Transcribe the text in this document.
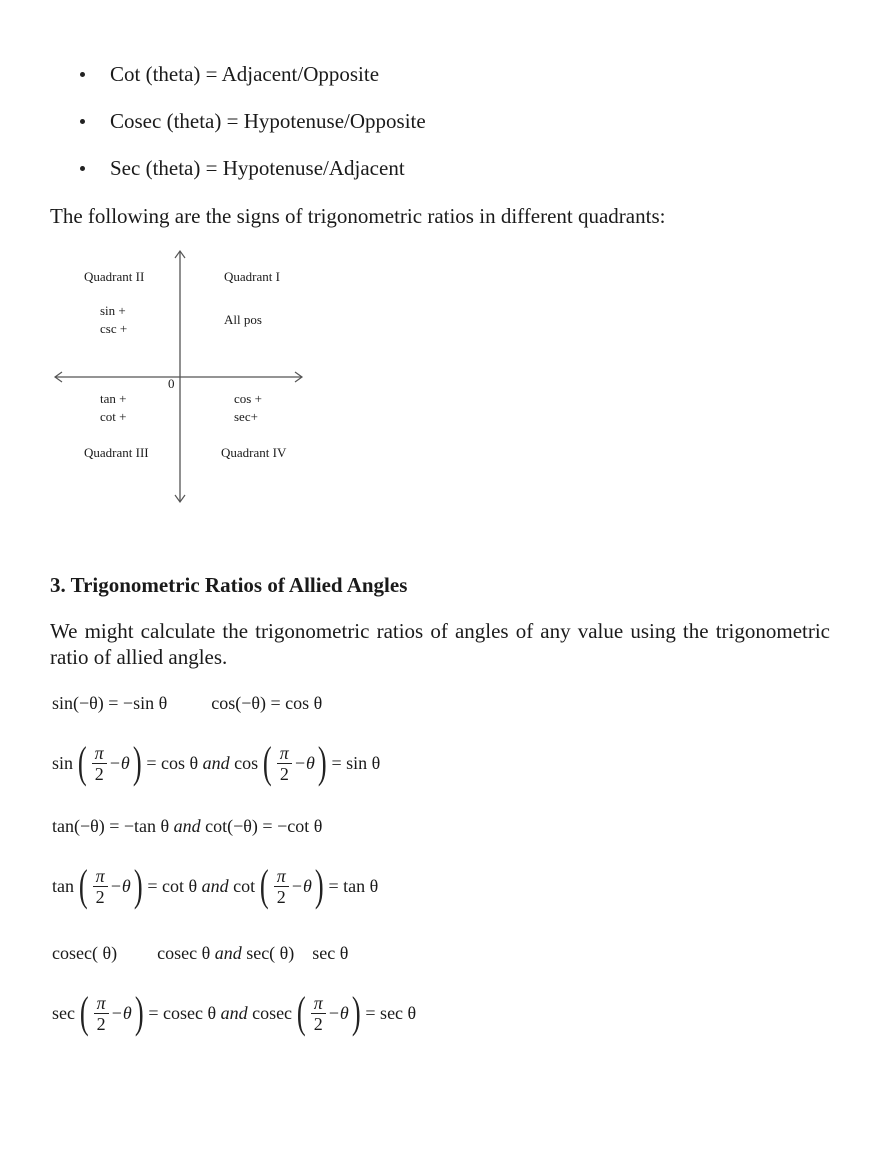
Cot (theta) = Adjacent/Opposite
Cosec (theta) = Hypotenuse/Opposite
Sec (theta) = Hypotenuse/Adjacent

The following are the signs of trigonometric ratios in different quadrants:

Quadrant II
sin +
csc +
Quadrant I
All pos
0
tan +
cot +
Quadrant III
cos +
sec+
Quadrant IV
3. Trigonometric Ratios of Allied Angles

We might calculate the trigonometric ratios of angles of any value using the trigonometric ratio of allied angles.

sin(−θ) = −sin θ cos(−θ) = cos θ
sin ( $\frac{\pi}{2} -\theta$ ) = cos θ
and
cos ( $\frac{\pi}{2} -\theta$ ) = sin θ
tan(−θ) = −tan θ
and
cot(−θ) = −cot θ
tan ( $\frac{\pi}{2} -\theta$ ) = cot θ
and
cot ( $\frac{\pi}{2} -\theta$ ) = tan θ
cosec( θ) cosec θ
and
sec( θ) sec θ
sec ( $\frac{\pi}{2} -\theta$ ) = cosec θ
and
cosec ( $\frac{\pi}{2} -\theta$ ) = sec θ
